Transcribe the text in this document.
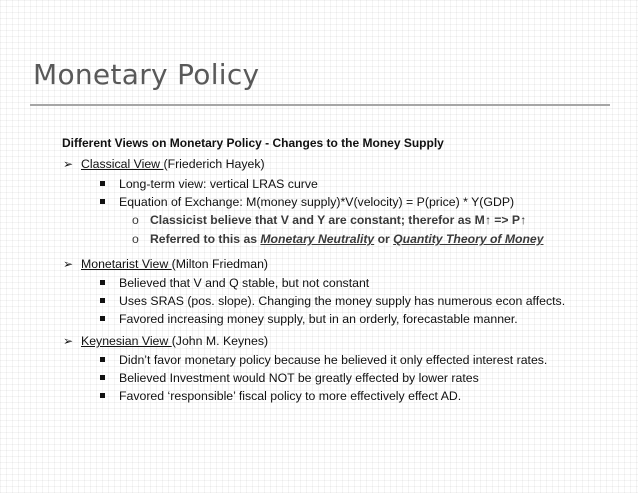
Monetary Policy
Different Views on Monetary Policy - Changes to the Money Supply
➢ Classical View (Friederich Hayek)
Long-term view: vertical LRAS curve
Equation of Exchange: M(money supply)*V(velocity) = P(price) * Y(GDP)
o Classicist believe that V and Y are constant; therefor as M↑ => P↑
o Referred to this as Monetary Neutrality or Quantity Theory of Money
➢ Monetarist View (Milton Friedman)
Believed that V and Q stable, but not constant
Uses SRAS (pos. slope). Changing the money supply has numerous econ affects.
Favored increasing money supply, but in an orderly, forecastable manner.
➢ Keynesian View (John M. Keynes)
Didn’t favor monetary policy because he believed it only effected interest rates.
Believed Investment would NOT be greatly effected by lower rates
Favored ‘responsible’ fiscal policy to more effectively effect AD.
